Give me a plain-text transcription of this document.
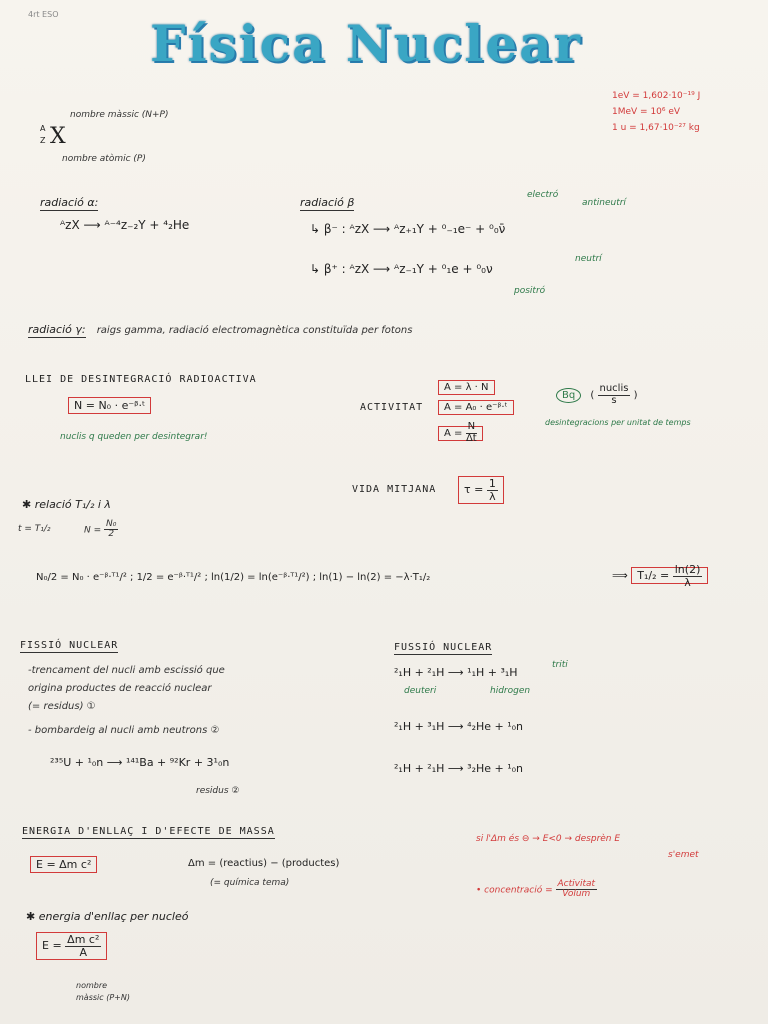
4rt ESO Física Nuclear
1eV = 1,602·10⁻¹⁹ J
1MeV = 10⁶ eV
1 u = 1,67·10⁻²⁷ kg
A
Z X
nombre màssic (N+P)
nombre atòmic (P)
radiació α:
ᴬzX ⟶ ᴬ⁻⁴z₋₂Y + ⁴₂He
radiació β
electró
antineutrí
↳ β⁻ : ᴬzX ⟶ ᴬz₊₁Y + ⁰₋₁e⁻ + ⁰₀ν̄
↳ β⁺ : ᴬzX ⟶ ᴬz₋₁Y + ⁰₁e + ⁰₀ν
neutrí
positró
radiació γ: raigs gamma, radiació electromagnètica constituïda per fotons
LLEI DE DESINTEGRACIÓ RADIOACTIVA
N = N₀ · e⁻ᵝ·ᵗ
nuclis q queden per desintegrar!
ACTIVITAT
A = λ · N
A = A₀ · e⁻ᵝ·ᵗ
$A = \frac{N}{\Delta t}$
Bq ( $\frac{\text{nuclis}}{s}$ )
desintegracions per unitat de temps
VIDA MITJANA	$\tau = \frac{1}{\lambda}$
✱ relació T₁/₂ i λ
t = T₁/₂	$N = \frac{\text{N₀}}{2}$
N₀/2 = N₀ · e⁻ᵝ·ᵀ¹/² ; 1/2 = e⁻ᵝ·ᵀ¹/² ; ln(1/2) = ln(e⁻ᵝ·ᵀ¹/²) ; ln(1) − ln(2) = −λ·T₁/₂	⟹ $T_1/_2 = \frac{\ln(2)}{\lambda}$
FISSIÓ NUCLEAR
-trencament del nucli amb escissió que
origina productes de reacció nuclear
(= residus) ①
- bombardeig al nucli amb neutrons ②
²³⁵U + ¹₀n ⟶ ¹⁴¹Ba + ⁹²Kr + 3¹₀n
residus ②
FUSSIÓ NUCLEAR
²₁H + ²₁H ⟶ ¹₁H + ³₁H
triti
deuteri	hidrogen
²₁H + ³₁H ⟶ ⁴₂He + ¹₀n
²₁H + ²₁H ⟶ ³₂He + ¹₀n
ENERGIA D'ENLLAÇ I D'EFECTE DE MASSA
E = Δm c²	Δm = (reactius) − (productes)
(= química tema)
si l'Δm és ⊖ → E<0 → desprèn E
s'emet
• concentració = $\frac{\text{Activitat}}{\text{Volum}}$
✱ energia d'enllaç per nucleó
$E = \frac{\text{Δm c²}}{A}$
nombre
màssic (P+N)
